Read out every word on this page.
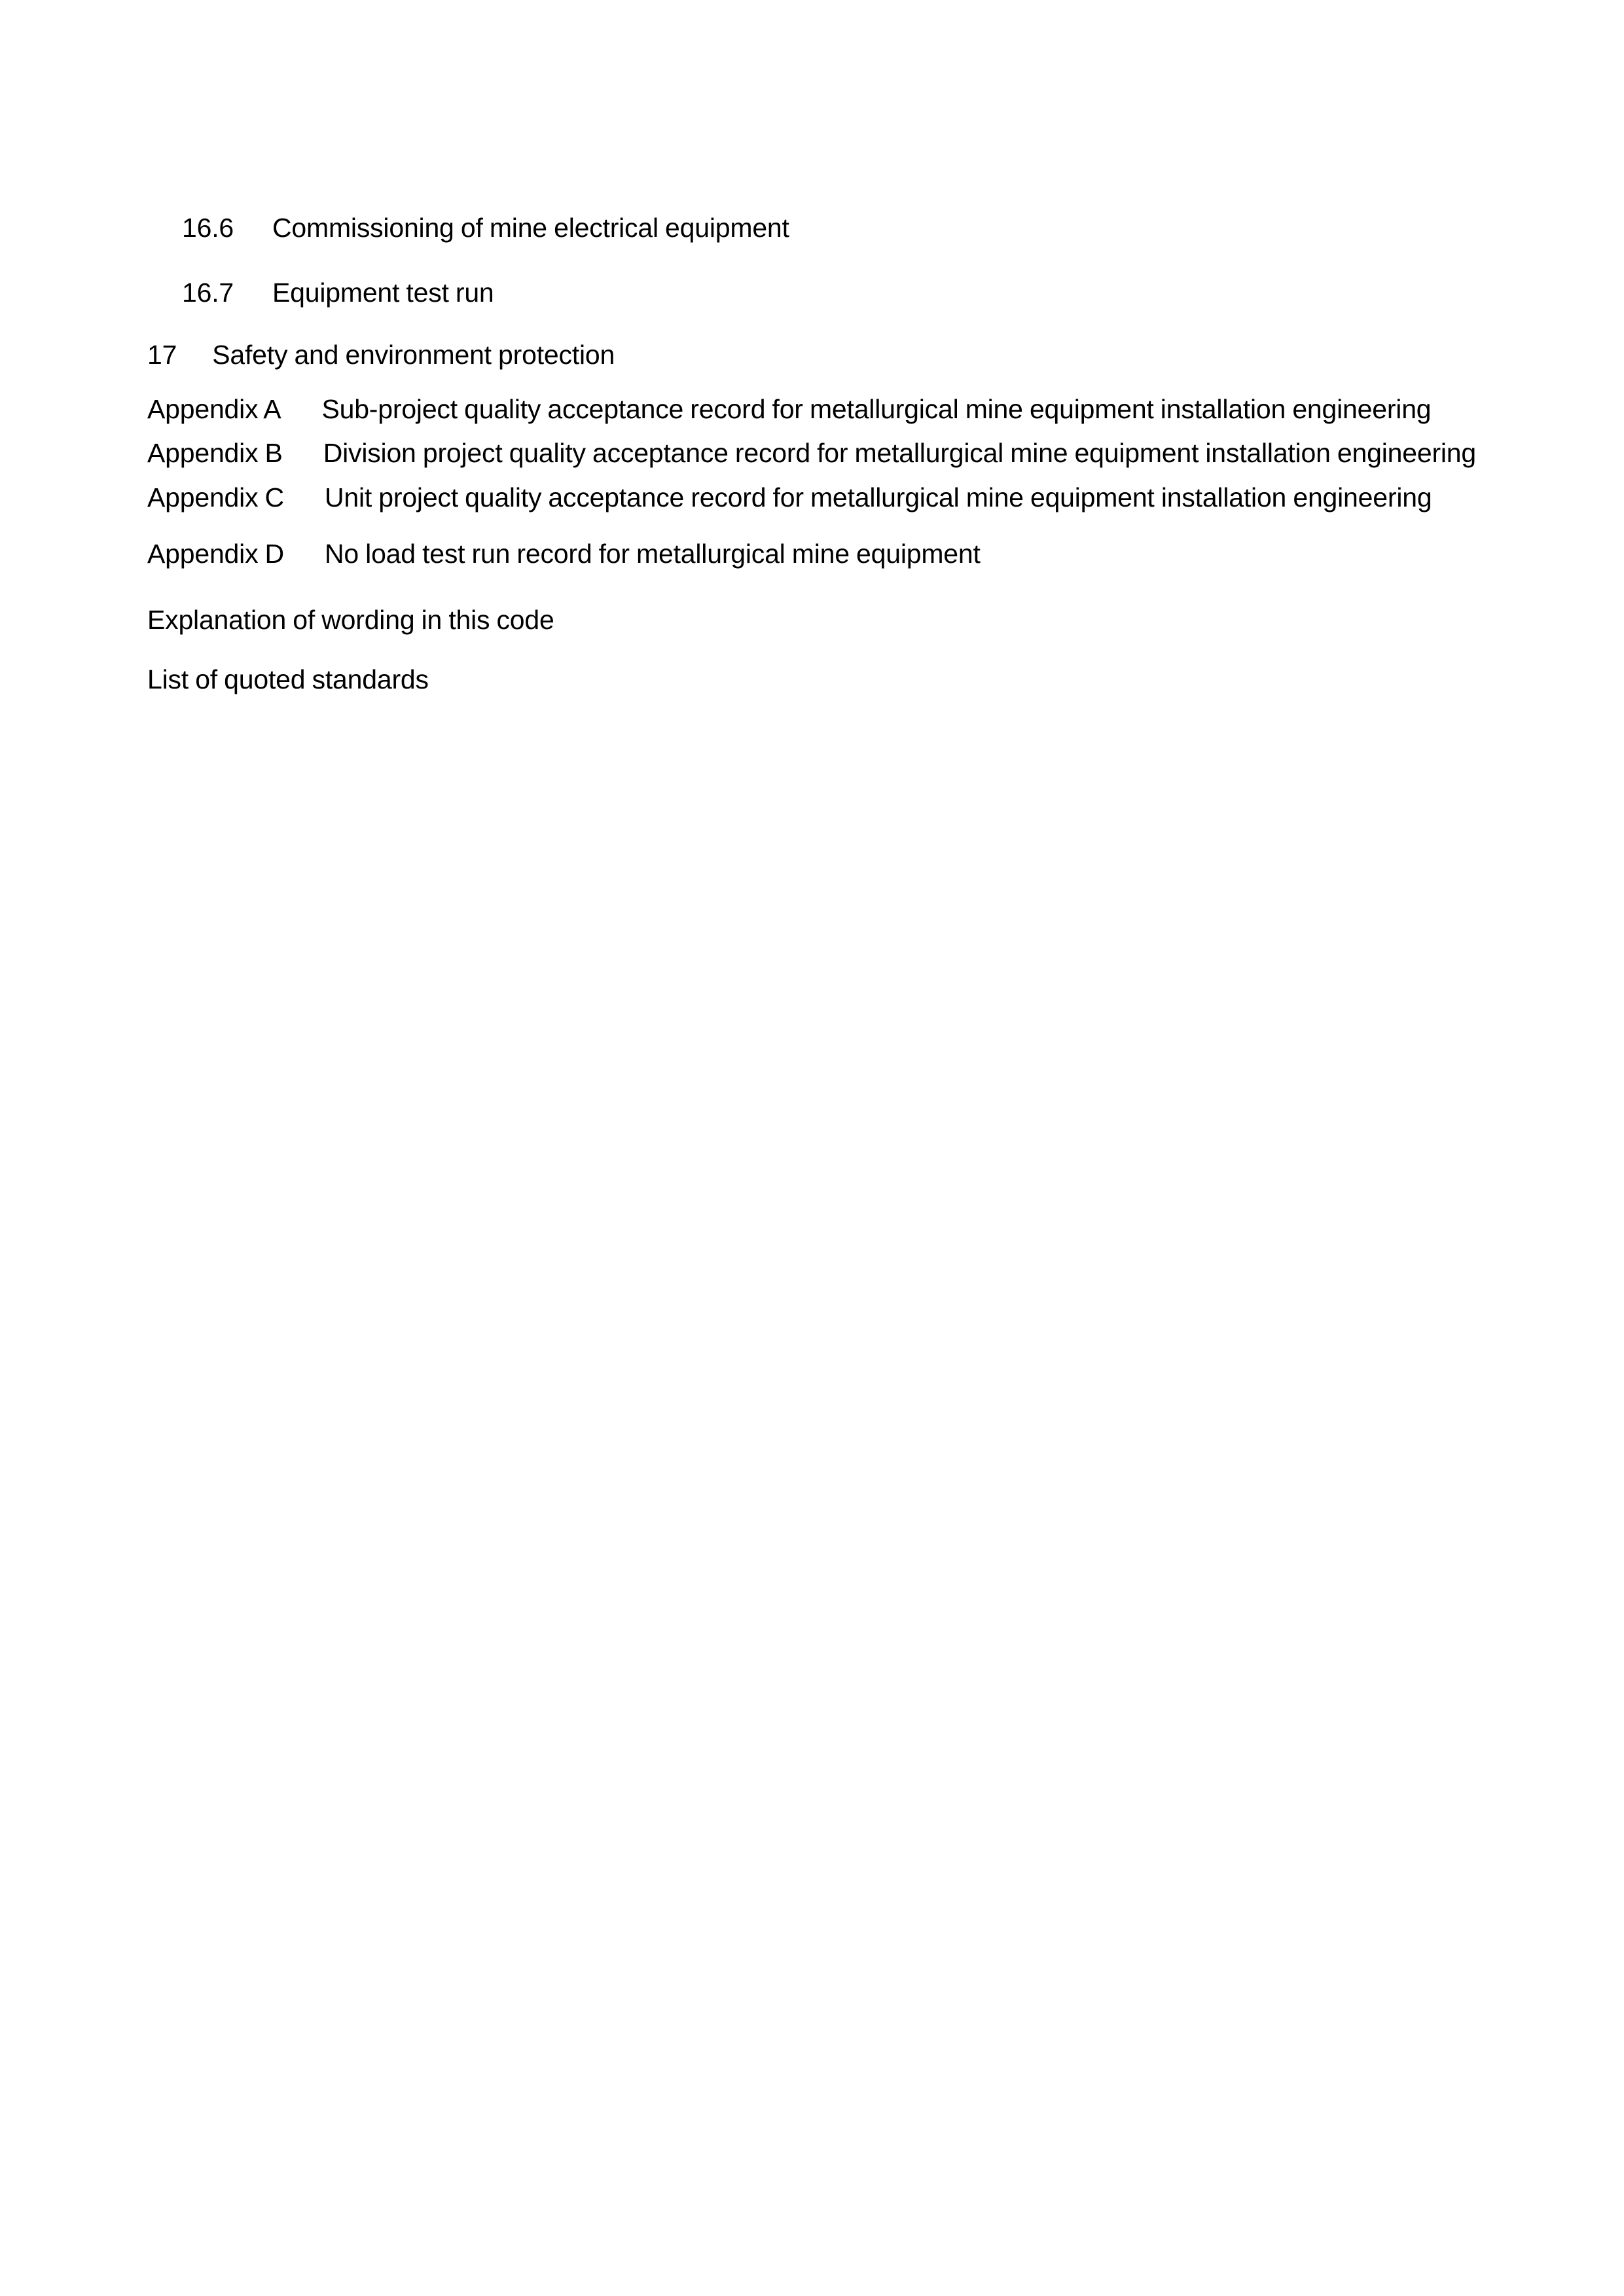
16.6 Commissioning of mine electrical equipment

16.7 Equipment test run

17 Safety and environment protection

Appendix A Sub-project quality acceptance record for metallurgical mine equipment installation engineering

Appendix B Division project quality acceptance record for metallurgical mine equipment installation engineering

Appendix C Unit project quality acceptance record for metallurgical mine equipment installation engineering

Appendix D No load test run record for metallurgical mine equipment

Explanation of wording in this code

List of quoted standards
